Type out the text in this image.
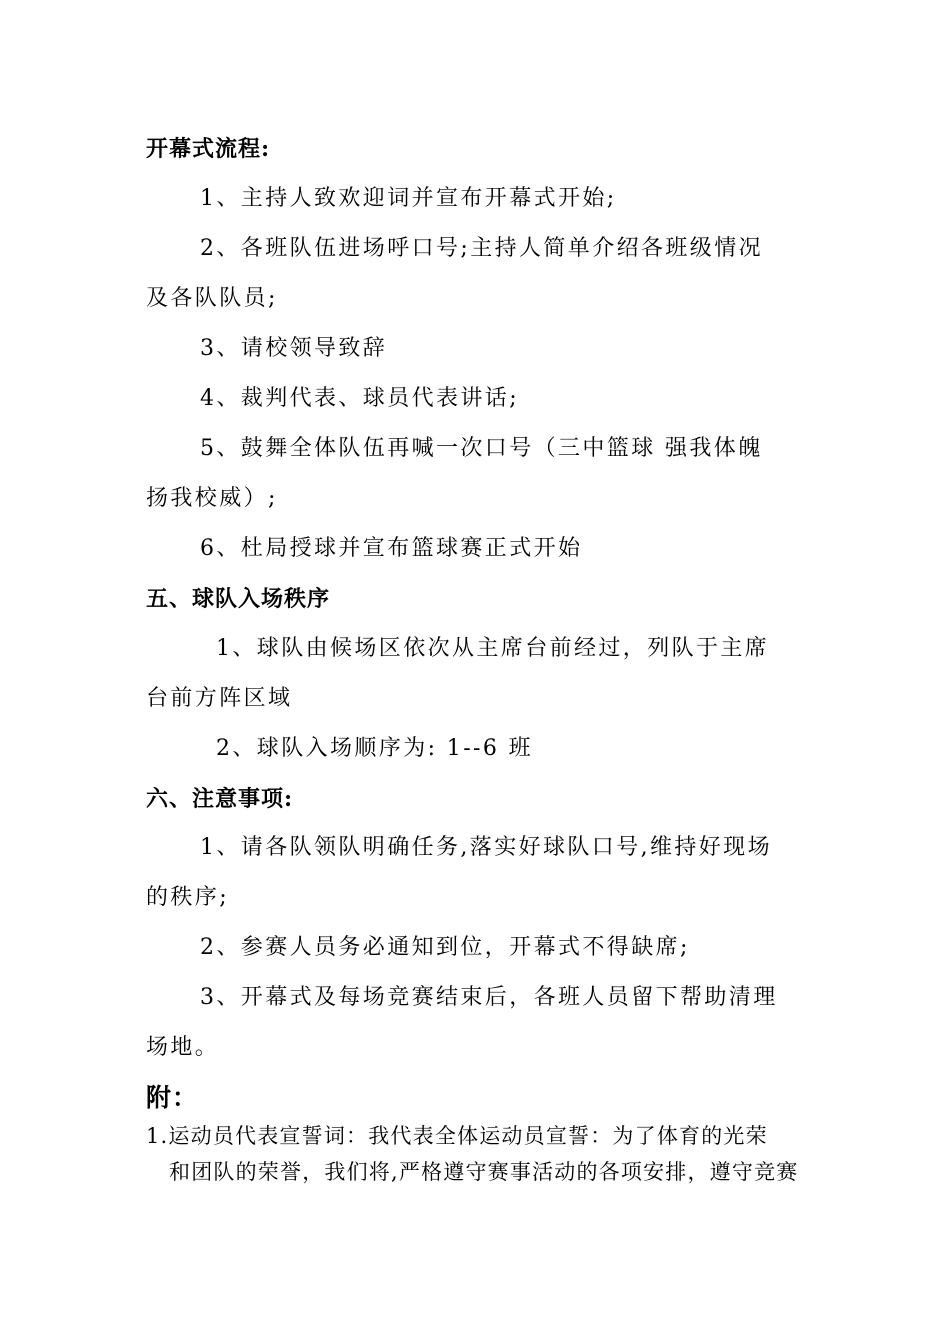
开幕式流程:
1、主持人致欢迎词并宣布开幕式开始;
2、各班队伍进场呼口号;主持人简单介绍各班级情况
及各队队员;
3、请校领导致辞
4、裁判代表、球员代表讲话;
5、鼓舞全体队伍再喊一次口号（三中篮球 强我体魄
扬我校威）;
6、杜局授球并宣布篮球赛正式开始
五、球队入场秩序
1、球队由候场区依次从主席台前经过，列队于主席
台前方阵区域
2、球队入场顺序为: 1--6 班
六、注意事项:
1、请各队领队明确任务,落实好球队口号,维持好现场
的秩序;
2、参赛人员务必通知到位，开幕式不得缺席;
3、开幕式及每场竞赛结束后，各班人员留下帮助清理
场地。
附：
1.运动员代表宣誓词：我代表全体运动员宣誓：为了体育的光荣
和团队的荣誉，我们将,严格遵守赛事活动的各项安排，遵守竞赛
